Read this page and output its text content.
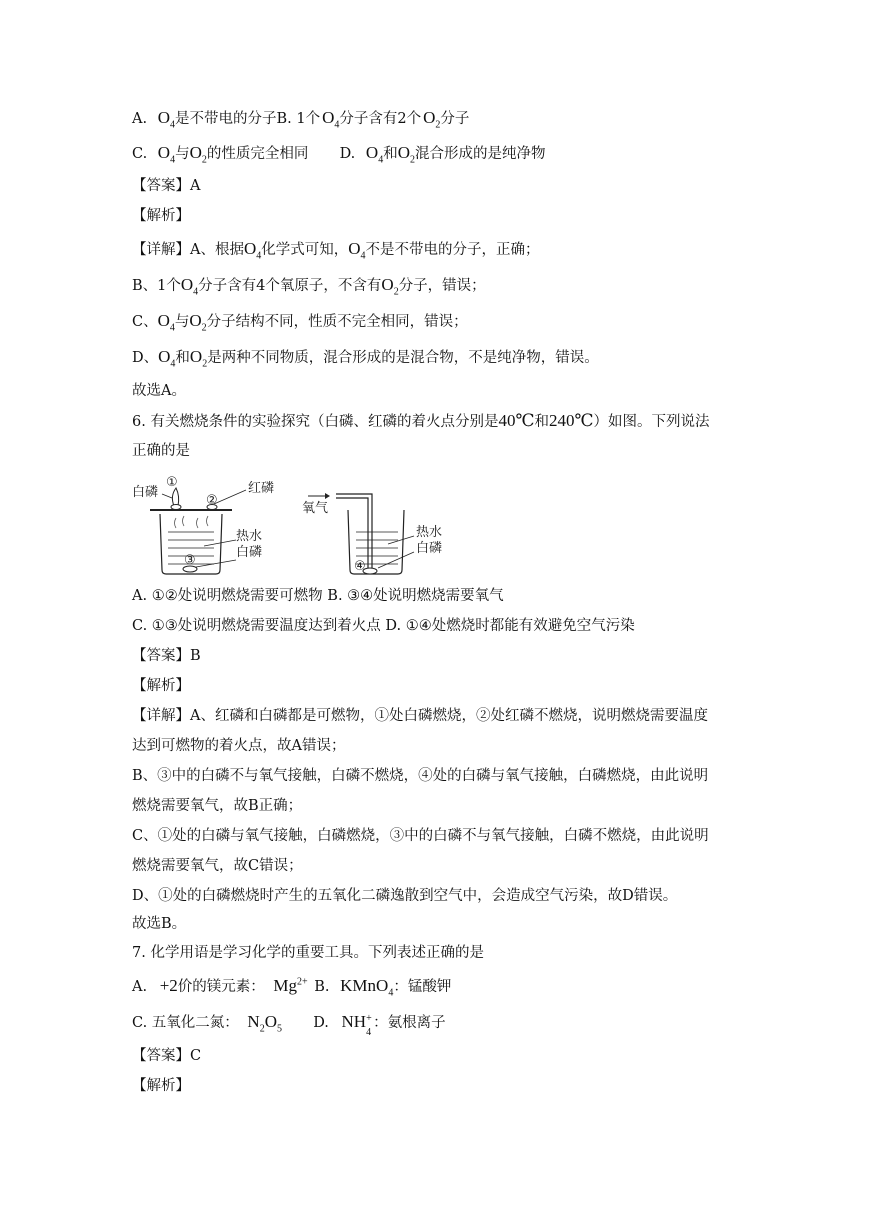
A. $O_4$是不带电的分子B. 1个 $O_4$分子含有2个 $O_2$分子
C. $O_4$与$O_2$的性质完全相同 D. $O_4$和$O_2$混合形成的是纯净物
【答案】A
【解析】
【详解】A、根据$O_4$化学式可知，$O_4$不是不带电的分子，正确；
B、1个$O_4$分子含有4个氧原子，不含有$O_2$分子，错误；
C、$O_4$与$O_2$分子结构不同，性质不完全相同，错误；
D、$O_4$和$O_2$是两种不同物质，混合形成的是混合物，不是纯净物，错误。
故选A。
6. 有关燃烧条件的实验探究（白磷、红磷的着火点分别是40℃和240℃）如图。下列说法
正确的是
白磷
①
②
红磷
热水
白磷
③
氧气
热水
白磷
④
A. ①②处说明燃烧需要可燃物 B. ③④处说明燃烧需要氧气
C. ①③处说明燃烧需要温度达到着火点 D. ①④处燃烧时都能有效避免空气污染
【答案】B
【解析】
【详解】A、红磷和白磷都是可燃物，①处白磷燃烧，②处红磷不燃烧，说明燃烧需要温度
达到可燃物的着火点，故A错误；
B、③中的白磷不与氧气接触，白磷不燃烧，④处的白磷与氧气接触，白磷燃烧，由此说明
燃烧需要氧气，故B正确；
C、①处的白磷与氧气接触，白磷燃烧，③中的白磷不与氧气接触，白磷不燃烧，由此说明
燃烧需要氧气，故C错误；
D、①处的白磷燃烧时产生的五氧化二磷逸散到空气中，会造成空气污染，故D错误。
故选B。
7. 化学用语是学习化学的重要工具。下列表述正确的是
A. +2价的镁元素： $Mg^{2+}$ B. KMnO$_4$：锰酸钾
C. 五氧化二氮： $N_2O_5$ D. NH +
4
：氨根离子
【答案】C
【解析】
